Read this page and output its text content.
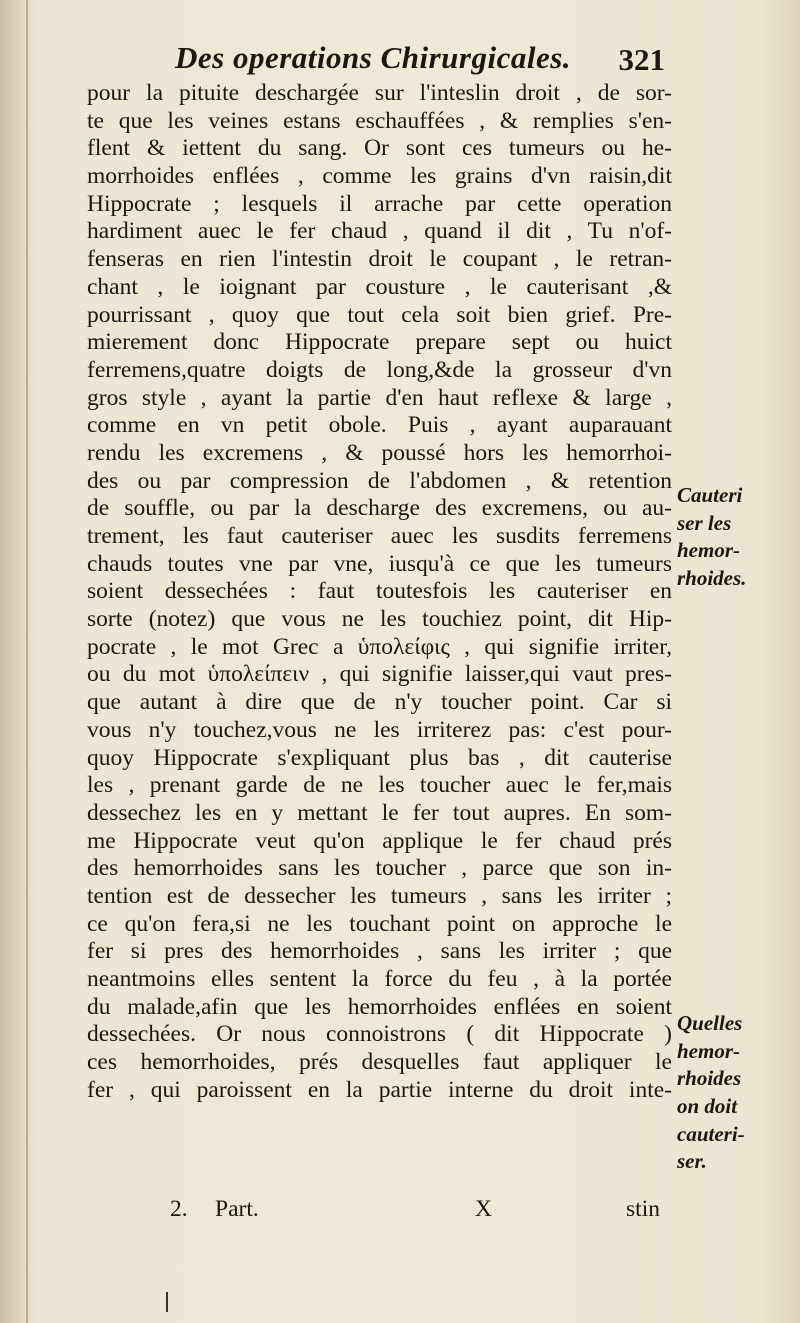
Des operations Chirurgicales. 321
pour la pituite deschargée sur l'inteslin droit , de sor-
te que les veines estans eschauffées , & remplies s'en-
flent & iettent du sang. Or sont ces tumeurs ou he-
morrhoides enflées , comme les grains d'vn raisin,dit
Hippocrate ; lesquels il arrache par cette operation
hardiment auec le fer chaud , quand il dit , Tu n'of-
fenseras en rien l'intestin droit le coupant , le retran-
chant , le ioignant par cousture , le cauterisant ,&
pourrissant , quoy que tout cela soit bien grief. Pre-
mierement donc Hippocrate prepare sept ou huict
ferremens,quatre doigts de long,&de la grosseur d'vn
gros style , ayant la partie d'en haut reflexe & large ,
comme en vn petit obole. Puis , ayant auparauant
rendu les excremens , & poussé hors les hemorrhoi-
des ou par compression de l'abdomen , & retention
de souffle, ou par la descharge des excremens, ou au-
trement, les faut cauteriser auec les susdits ferremens
chauds toutes vne par vne, iusqu'à ce que les tumeurs
soient dessechées : faut toutesfois les cauteriser en
sorte (notez) que vous ne les touchiez point, dit Hip-
pocrate , le mot Grec a ὑπολείφις , qui signifie irriter,
ou du mot ὑπολείπειν , qui signifie laisser,qui vaut pres-
que autant à dire que de n'y toucher point. Car si
vous n'y touchez,vous ne les irriterez pas: c'est pour-
quoy Hippocrate s'expliquant plus bas , dit cauterise
les , prenant garde de ne les toucher auec le fer,mais
dessechez les en y mettant le fer tout aupres. En som-
me Hippocrate veut qu'on applique le fer chaud prés
des hemorrhoides sans les toucher , parce que son in-
tention est de dessecher les tumeurs , sans les irriter ;
ce qu'on fera,si ne les touchant point on approche le
fer si pres des hemorrhoides , sans les irriter ; que
neantmoins elles sentent la force du feu , à la portée
du malade,afin que les hemorrhoides enflées en soient
dessechées. Or nous connoistrons ( dit Hippocrate )
ces hemorrhoides, prés desquelles faut appliquer le
fer , qui paroissent en la partie interne du droit inte-
Cauteri
ser les
hemor-
rhoides.
Quelles
hemor-
rhoides
on doit
cauteri-
ser.
2. Part.	X	stin
